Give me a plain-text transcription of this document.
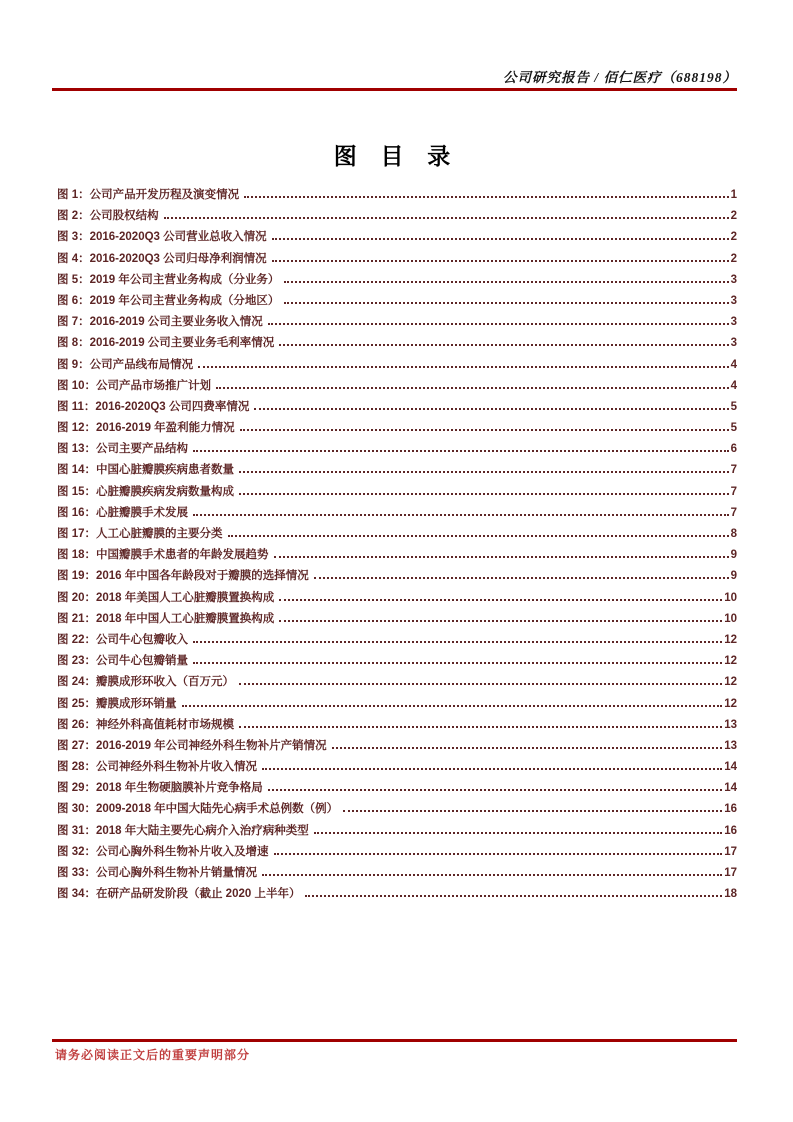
公司研究报告 / 佰仁医疗（688198）
图 目 录
图 1：公司产品开发历程及演变情况	1
图 2：公司股权结构	2
图 3：2016-2020Q3 公司营业总收入情况	2
图 4：2016-2020Q3 公司归母净利润情况	2
图 5：2019 年公司主营业务构成（分业务）	3
图 6：2019 年公司主营业务构成（分地区）	3
图 7：2016-2019 公司主要业务收入情况	3
图 8：2016-2019 公司主要业务毛利率情况	3
图 9：公司产品线布局情况	4
图 10：公司产品市场推广计划	4
图 11：2016-2020Q3 公司四费率情况	5
图 12：2016-2019 年盈利能力情况	5
图 13：公司主要产品结构	6
图 14：中国心脏瓣膜疾病患者数量	7
图 15：心脏瓣膜疾病发病数量构成	7
图 16：心脏瓣膜手术发展	7
图 17：人工心脏瓣膜的主要分类	8
图 18：中国瓣膜手术患者的年龄发展趋势	9
图 19：2016 年中国各年龄段对于瓣膜的选择情况	9
图 20：2018 年美国人工心脏瓣膜置换构成	10
图 21：2018 年中国人工心脏瓣膜置换构成	10
图 22：公司牛心包瓣收入	12
图 23：公司牛心包瓣销量	12
图 24：瓣膜成形环收入（百万元）	12
图 25：瓣膜成形环销量	12
图 26：神经外科高值耗材市场规模	13
图 27：2016-2019 年公司神经外科生物补片产销情况	13
图 28：公司神经外科生物补片收入情况	14
图 29：2018 年生物硬脑膜补片竞争格局	14
图 30：2009-2018 年中国大陆先心病手术总例数（例）	16
图 31：2018 年大陆主要先心病介入治疗病种类型	16
图 32：公司心胸外科生物补片收入及增速	17
图 33：公司心胸外科生物补片销量情况	17
图 34：在研产品研发阶段（截止 2020 上半年）	18
请务必阅读正文后的重要声明部分
